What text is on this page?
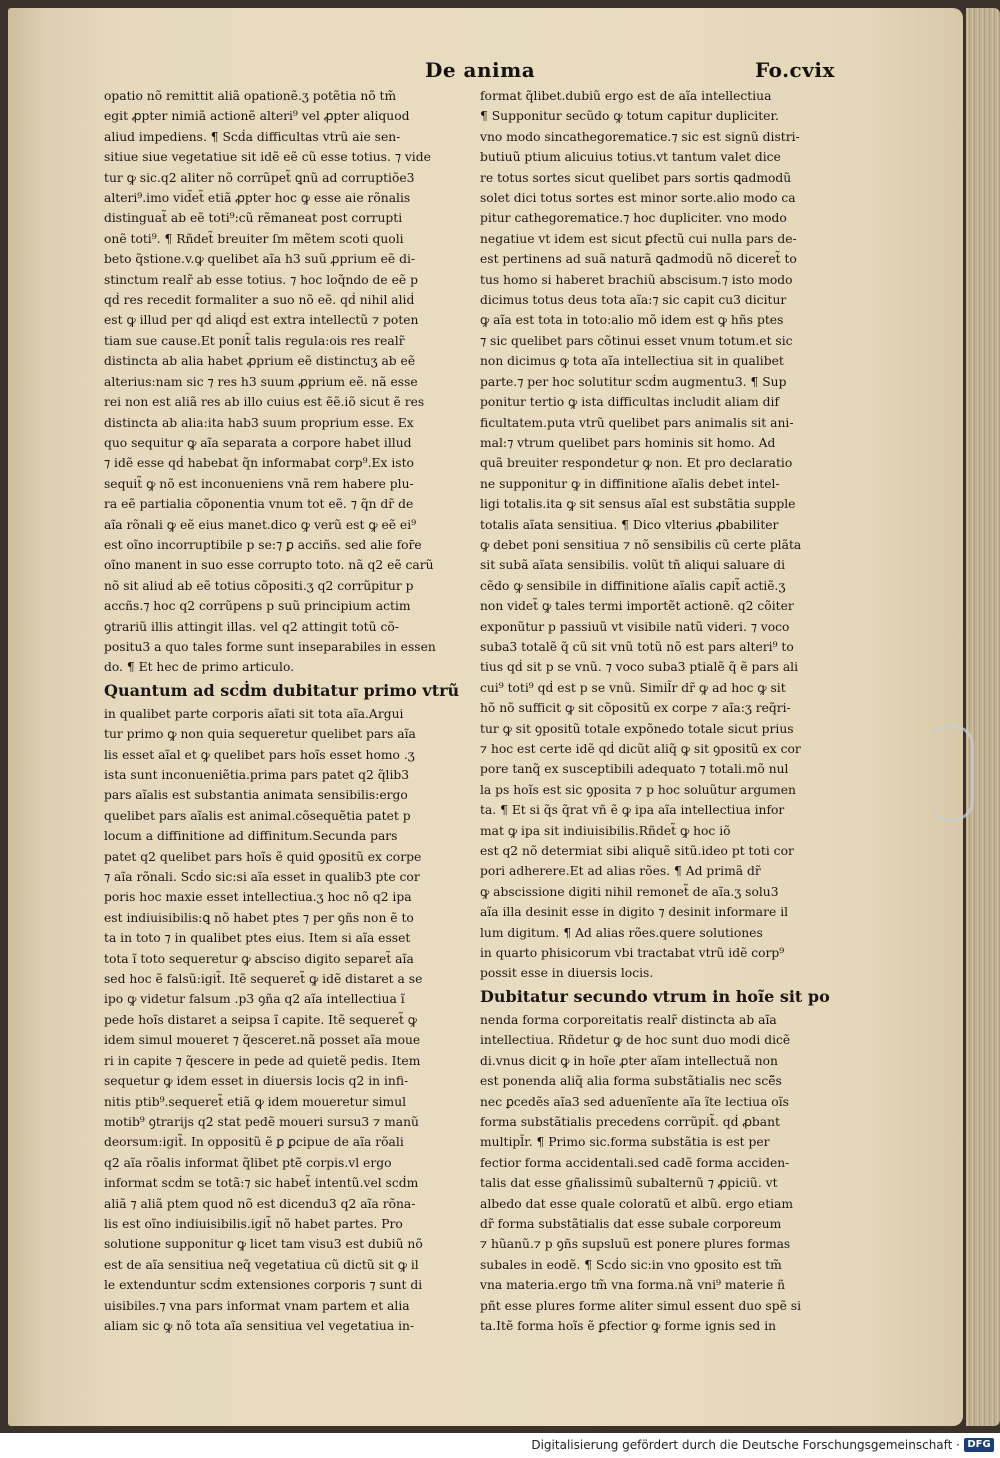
De anima	Fo.cvix
opatio nõ remittit aliã opationẽ.ʒ potẽtia nõ tm̃
egit ꝓpter nimiã actionẽ alteri⁹ vel ꝓpter aliquod
aliud impediens. ¶ Scḋa difficultas vtrũ aie sen-
sitiue siue vegetatiue sit idẽ eẽ cũ esse totius. ⁊ vide
tur ꝙ sic.q2 aliter nõ corrũpet̃ ꝗnũ ad corruptiõe3
alteri⁹.imo vid̃et̃ etiã ꝓpter hoc ꝙ esse aie rõnalis
distinguat̃ ab eẽ toti⁹:cũ rẽmaneat post corrupti
onẽ toti⁹. ¶ Rñdet̃ breuiter ſm mẽtem scoti quoli
beto q̃stione.v.ꝙ quelibet aĩa h3 suũ ꝓprium eẽ di-
stinctum realr̃ ab esse totius. ⁊ hoc loq̃ndo de eẽ p
qḋ res recedit formaliter a suo nõ eẽ. qḋ nihil aliḋ
est ꝙ illud per qḋ aliqḋ est extra intellectũ ⁊ poten
tiam sue cause.Et ponit̃ talis regula:ois res realr̃
distincta ab alia habet ꝓprium eẽ distinctuʒ ab eẽ
alterius:nam sic ⁊ res h3 suum ꝓprium eẽ. nã esse
rei non est aliã res ab illo cuius est ẽẽ.iõ sicut ẽ res
distincta ab alia:ita hab3 suum proprium esse. Ex
quo sequitur ꝙ aĩa separata a corpore habet illud
⁊ idẽ esse qḋ habebat q̃n informabat corp⁹.Ex isto
sequit̃ ꝙ nõ est inconueniens vnã rem habere plu-
ra eẽ partialia cõponentia vnum tot eẽ. ⁊ q̃n dr̃ de
aĩa rõnali ꝙ eẽ eius manet.dico ꝙ verũ est ꝙ eẽ ei⁹
est oĩno incorruptibile p se:⁊ ꝑ acciñs. sed alie for̄e
oĩno manent in suo esse corrupto toto. nã q2 eẽ carũ
nõ sit aliuḋ ab eẽ totius cõpositi.ʒ q2 corrũpitur p
accñs.⁊ hoc q2 corrũpens p suũ principium actim
ꝯtrariũ illis attingit illas. vel q2 attingit totũ cõ-
positu3 a quo tales forme sunt inseparabiles in essen
do. ¶ Et hec de primo articulo.
Quantum ad scḋm dubitatur primo vtrũ
in qualibet parte corporis aĩati sit tota aĩa.Argui
tur primo ꝙ non quia sequeretur quelibet pars aĩa
lis esset aĩal et ꝙ quelibet pars hoĩs esset homo .ʒ
ista sunt inconueniẽtia.prima pars patet q2 q̃lib3
pars aĩalis est substantia animata sensibilis:ergo
quelibet pars aĩalis est animal.cõsequẽtia patet p
locum a diffinitione ad diffinitum.Secunda pars
patet q2 quelibet pars hoĩs ẽ quid ꝯpositũ ex corpe
⁊ aĩa rõnali. Scḋo sic:si aĩa esset in qualib3 pte cor
poris hoc maxie esset intellectiua.ʒ hoc nõ q2 ipa
est indiuisibilis:ꝗ nõ habet ptes ⁊ per ꝯñs non ẽ to
ta in toto ⁊ in qualibet ptes eius. Item si aĩa esset
tota ĩ toto sequeretur ꝙ absciso digito separet̃ aĩa
sed hoc ẽ falsũ:igit̃. Itẽ sequeret̃ ꝙ idẽ distaret a se
ipo ꝙ videtur falsum .p3 ꝯña q2 aĩa intellectiua ĩ
pede hoĩs distaret a seipsa ĩ capite. Itẽ sequeret̃ ꝙ
idem simul moueret ⁊ q̃esceret.nã posset aĩa moue
ri in capite ⁊ q̃escere in pede ad quietẽ pedis. Item
sequetur ꝙ idem esset in diuersis locis q2 in infi-
nitis ptib⁹.sequeret̃ etiã ꝙ idem moueretur simul
motib⁹ ꝯtrarijs q2 stat pedẽ moueri sursu3 ⁊ manũ
deorsum:igit̃. In oppositũ ẽ ꝑ ꝑcipue de aĩa rõali
q2 aĩa rõalis informat q̃libet ptẽ corpis.vl ergo
informat scḋm se totã:⁊ sic habet̃ intentũ.vel scḋm
aliã ⁊ aliã ptem quod nõ est dicendu3 q2 aĩa rõna-
lis est oĩno indiuisibilis.igit̃ nõ habet partes. Pro
solutione supponitur ꝙ licet tam visu3 est dubiũ nõ
est de aĩa sensitiua neq̃ vegetatiua cũ dictũ sit ꝙ il
le extenduntur scḋm extensiones corporis ⁊ sunt di
uisibiles.⁊ vna pars informat vnam partem et alia
aliam sic ꝙ nõ tota aĩa sensitiua vel vegetatiua in-
format q̃libet.dubiũ ergo est de aĩa intellectiua
¶ Supponitur secũdo ꝙ totum capitur dupliciter.
vno modo sincathegorematice.⁊ sic est signũ distri-
butiuũ ptium alicuius totius.vt tantum valet dice
re totus sortes sicut quelibet pars sortis ꝗadmodũ
solet dici totus sortes est minor sorte.alio modo ca
pitur cathegorematice.⁊ hoc dupliciter. vno modo
negatiue vt idem est sicut ꝑfectũ cui nulla pars de-
est pertinens ad suã naturã ꝗadmoḋũ nõ diceret̃ to
tus homo si haberet brachiũ abscisum.⁊ isto modo
dicimus totus deus tota aĩa:⁊ sic capit cu3 dicitur
ꝙ aĩa est tota in toto:alio mõ idem est ꝙ hñs ptes
⁊ sic quelibet pars cõtinui esset vnum totum.et sic
non dicimus ꝙ tota aĩa intellectiua sit in qualibet
parte.⁊ per hoc solutitur scḋm augmentu3. ¶ Sup
ponitur tertio ꝙ ista difficultas includit aliam dif
ficultatem.puta vtrũ quelibet pars animalis sit ani-
mal:⁊ vtrum quelibet pars hominis sit homo. Ad
quã breuiter respondetur ꝙ non. Et pro declaratio
ne supponitur ꝙ in diffinitione aĩalis debet intel-
ligi totalis.ita ꝙ sit sensus aĩal est substãtia supple
totalis aĩata sensitiua. ¶ Dico vlterius ꝓbabiliter
ꝙ debet poni sensitiua ⁊ nõ sensibilis cũ certe plãta
sit subã aĩata sensibilis. volũt tñ aliqui saluare di
cẽdo ꝙ sensibile in diffinitione aĩalis capit̃ actiẽ.ʒ
non videt̃ ꝙ tales termi importẽt actionẽ. q2 cõiter
exponũtur p passiuũ vt visibile natũ videri. ⁊ voco
suba3 totalẽ q̃ cũ sit vnũ totũ nõ est pars alteri⁹ to
tius qḋ sit p se vnũ. ⁊ voco suba3 ptialẽ q̃ ẽ pars ali
cui⁹ toti⁹ qḋ est p se vnũ. Simil̃r dr̃ ꝙ ad hoc ꝙ sit
hõ nõ sufficit ꝙ sit cõpositũ ex corpe ⁊ aĩa:ʒ req̃ri-
tur ꝙ sit ꝯpositũ totale expõnedo totale sicut prius
⁊ hoc est certe idẽ qḋ dicũt aliq̃ ꝙ sit ꝯpositũ ex cor
pore tanq̃ ex susceptibili adequato ⁊ totali.mõ nul
la ps hoĩs est sic ꝯposita ⁊ p hoc soluũtur argumen
ta. ¶ Et si q̃s q̃rat vñ ẽ ꝙ ipa aĩa intellectiua infor
mat ꝙ ipa sit indiuisibilis.Rñdet̃ ꝙ hoc iõ
est q2 nõ determiat sibi aliquẽ sitũ.ideo pt toti cor
pori adherere.Et ad alias rões. ¶ Ad primã dr̃
ꝙ abscissione digiti nihil remonet̃ de aĩa.ʒ solu3
aĩa illa desinit esse in digito ⁊ desinit informare il
lum digitum. ¶ Ad alias rões.quere solutiones
in quarto phisicorum vbi tractabat vtrũ idẽ corp⁹
possit esse in diuersis locis.
Dubitatur secundo vtrum in hoĩe sit po
nenda forma corporeitatis realr̃ distincta ab aĩa
intellectiua. Rñdetur ꝙ de hoc sunt duo modi dicẽ
di.vnus dicit ꝙ in hoĩe ꝓter aĩam intellectuã non
est ponenda aliq̃ alia forma substãtialis nec scẽ̃s
nec ꝑcedẽs aĩa3 sed aduenĩente aĩa ĩte lectiua oĩs
forma substãtialis precedens corrũpit̃. qḋ ꝓbant
multipl̃r. ¶ Primo sic.forma substãtia is est per
fectior forma accidentali.sed cadẽ forma acciden-
talis dat esse gñalissimũ subalternũ ⁊ ꝓpiciũ. vt
albedo dat esse quale coloratũ et albũ. ergo etiam
dr̃ forma substãtialis dat esse subale corporeum
⁊ hũanũ.⁊ p ꝯñs supsluũ est ponere plures formas
subales in eodẽ. ¶ Scḋo sic:in vno ꝯposito est tm̃
vna materia.ergo tm̃ vna forma.nã vni⁹ materie ñ
pñt esse plures forme aliter simul essent duo spẽ si
ta.Itẽ forma hoĩs ẽ ꝑfectior ꝙ forme ignis sed in
Digitalisierung gefördert durch die Deutsche Forschungsgemeinschaft · DFG
